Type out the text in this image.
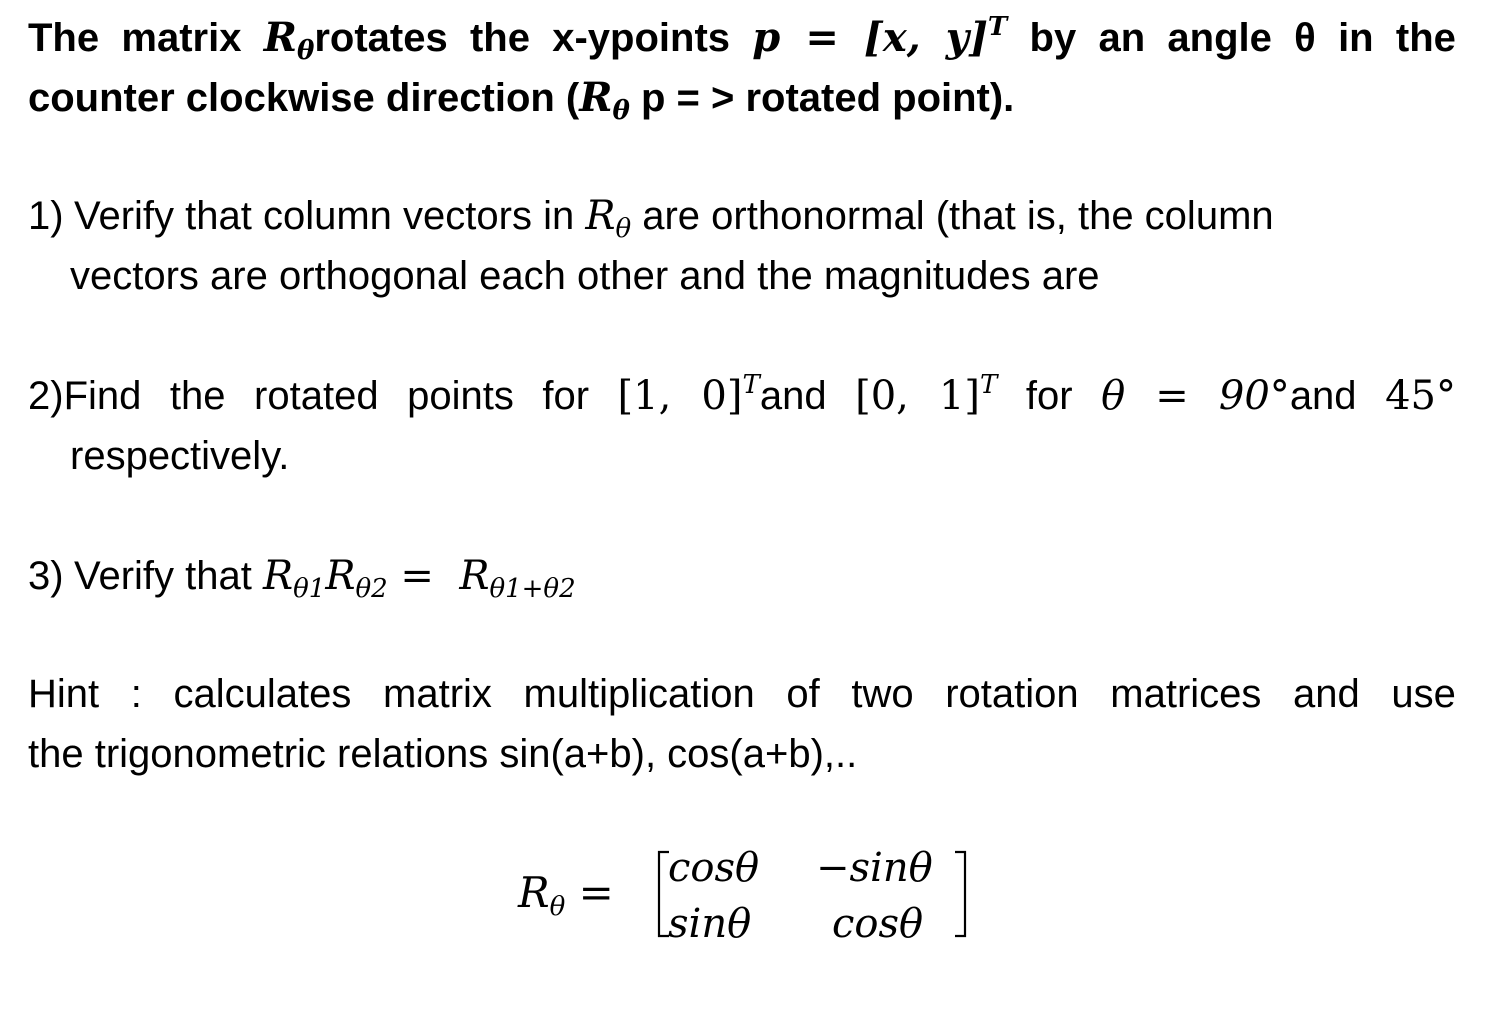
The matrix $R_\theta rotates$ the x-ypoints p = [x, y]$^T$ by an angle θ in the
counter clockwise direction ($R_\theta$ p = > rotated point).
1) Verify that column vectors in $R_\theta$ are orthonormal (that is, the column
vectors are orthogonal each other and the magnitudes are
2)Find the rotated points for [1, 0]$^T$and [0, 1]$^T$ for θ = 90°and 45°
respectively.
3) Verify that $R_{\theta 1}R_{\theta 2} = R_{\theta 1+\theta 2}$
Hint : calculates matrix multiplication of two rotation matrices and use
the trigonometric relations sin(a+b), cos(a+b),..
$R_\theta = \cos\theta -\sin\theta$
sinθ cosθ
